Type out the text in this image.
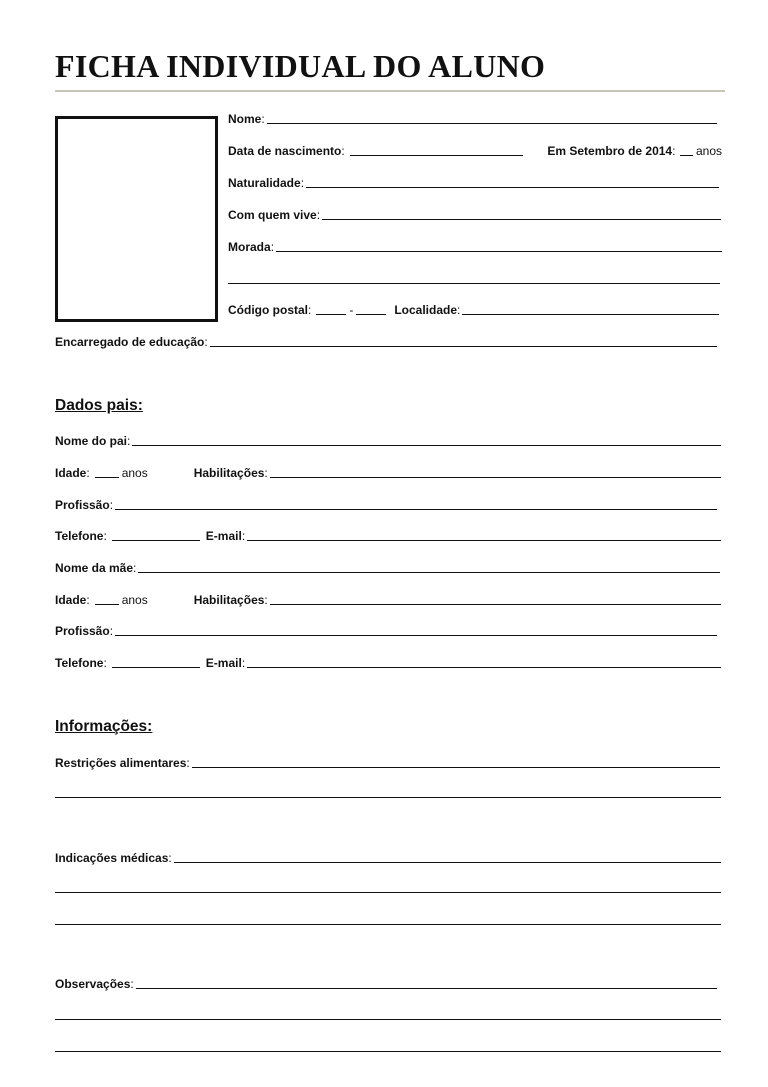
FICHA INDIVIDUAL DO ALUNO
Nome :
Data de nascimento :	Em Setembro de 2014 : anos
Naturalidade :
Com quem vive :
Morada :
Código postal :	-	Localidade :
Encarregado de educação :
Dados pais:
Nome do pai :
Idade :	anos	Habilitações :
Profissão :
Telefone :	E-mail :
Nome da mãe :
Idade :	anos	Habilitações :
Profissão :
Telefone :	E-mail :
Informações:
Restrições alimentares :
Indicações médicas :
Observações :
